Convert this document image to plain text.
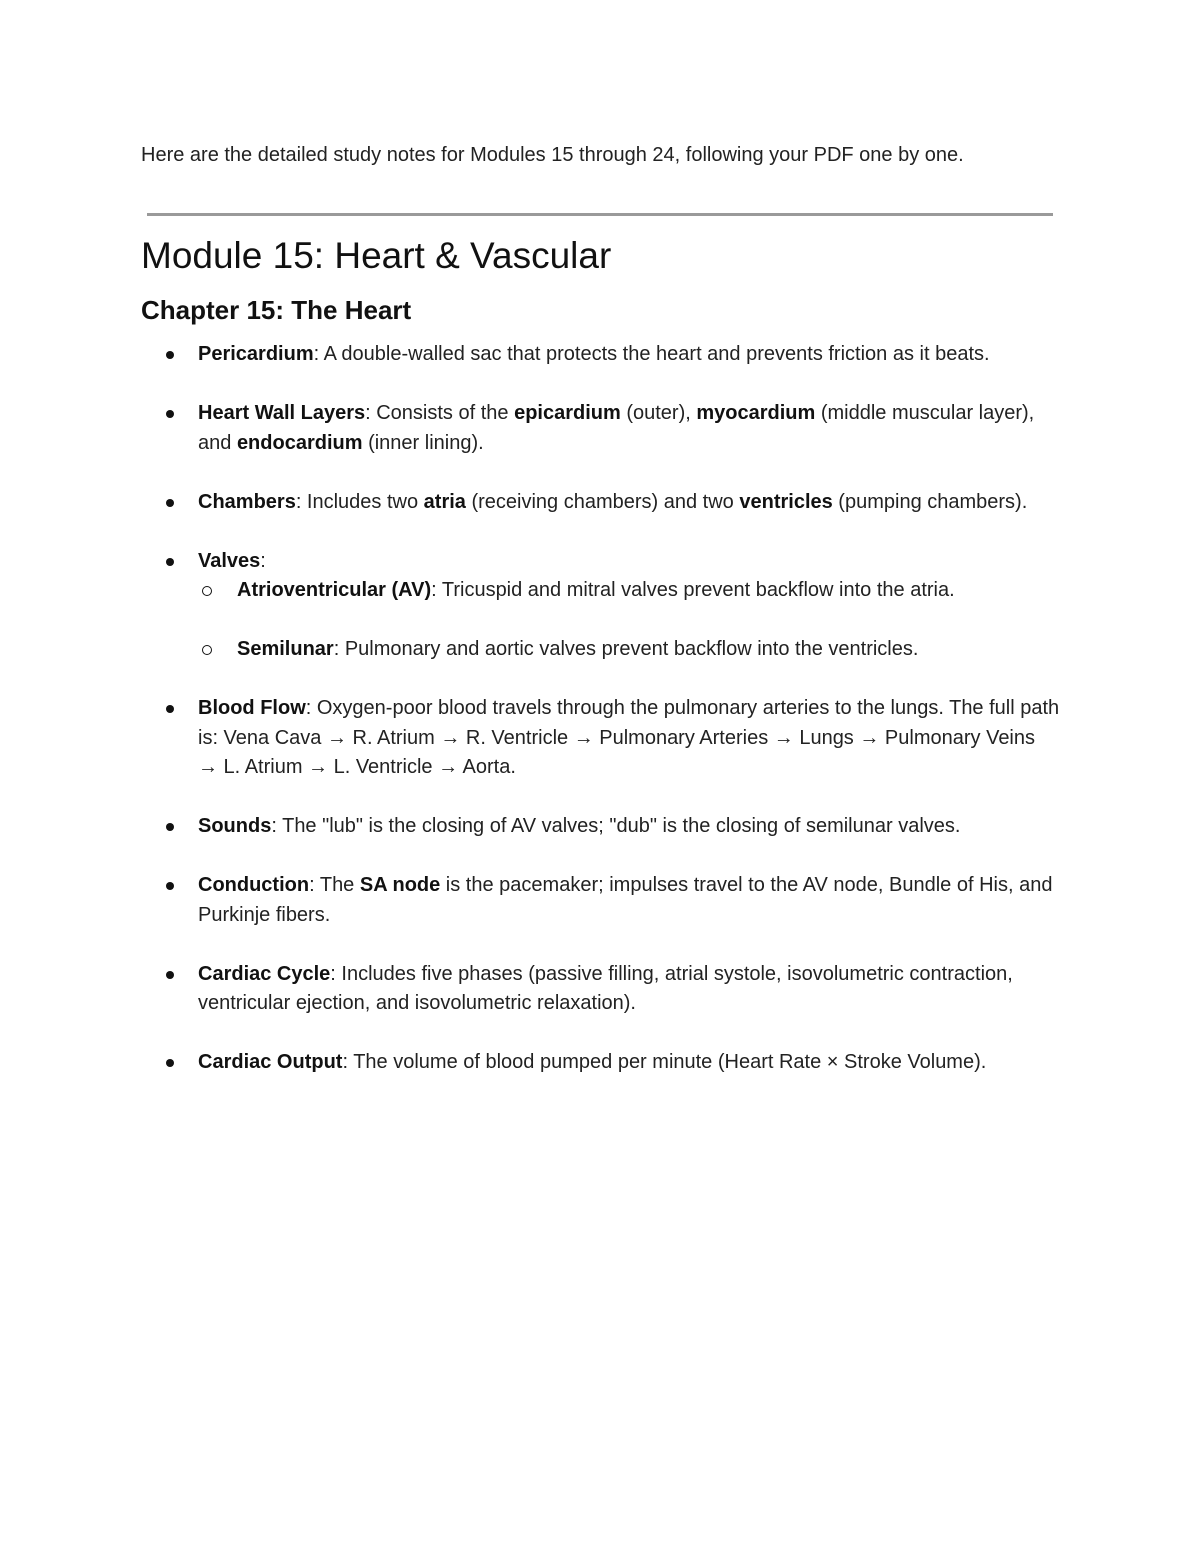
Here are the detailed study notes for Modules 15 through 24, following your PDF one by one.

Module 15: Heart & Vascular
Chapter 15: The Heart
Pericardium: A double-walled sac that protects the heart and prevents friction as it beats.
Heart Wall Layers: Consists of the epicardium (outer), myocardium (middle muscular layer), and endocardium (inner lining).
Chambers: Includes two atria (receiving chambers) and two ventricles (pumping chambers).
Valves:
Atrioventricular (AV): Tricuspid and mitral valves prevent backflow into the atria.
Semilunar: Pulmonary and aortic valves prevent backflow into the ventricles.
Blood Flow: Oxygen-poor blood travels through the pulmonary arteries to the lungs. The full path is: Vena Cava → R. Atrium → R. Ventricle → Pulmonary Arteries → Lungs → Pulmonary Veins → L. Atrium → L. Ventricle → Aorta.
Sounds: The "lub" is the closing of AV valves; "dub" is the closing of semilunar valves.
Conduction: The SA node is the pacemaker; impulses travel to the AV node, Bundle of His, and Purkinje fibers.
Cardiac Cycle: Includes five phases (passive filling, atrial systole, isovolumetric contraction, ventricular ejection, and isovolumetric relaxation).
Cardiac Output: The volume of blood pumped per minute (Heart Rate × Stroke Volume).
